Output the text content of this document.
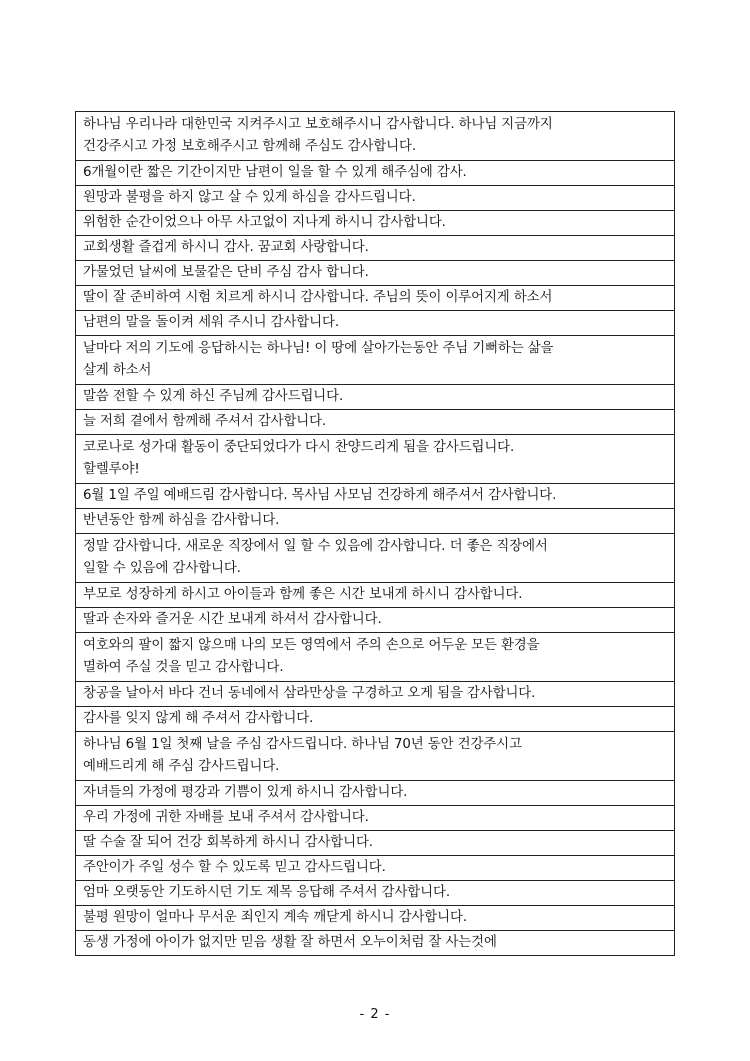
하나님 우리나라 대한민국 지켜주시고 보호해주시니 감사합니다. 하나님 지금까지
건강주시고 가정 보호해주시고 함께해 주심도 감사합니다.

6개월이란 짧은 기간이지만 남편이 일을 할 수 있게 해주심에 감사.

원망과 불평을 하지 않고 살 수 있게 하심을 감사드립니다.

위험한 순간이었으나 아무 사고없이 지나게 하시니 감사합니다.

교회생활 즐겁게 하시니 감사. 꿈교회 사랑합니다.

가물었던 날씨에 보물같은 단비 주심 감사 합니다.

딸이 잘 준비하여 시험 치르게 하시니 감사합니다. 주님의 뜻이 이루어지게 하소서

남편의 말을 돌이켜 세워 주시니 감사합니다.

날마다 저의 기도에 응답하시는 하나님! 이 땅에 살아가는동안 주님 기뻐하는 삶을
살게 하소서

말씀 전할 수 있게 하신 주님께 감사드립니다.

늘 저희 곁에서 함께해 주셔서 감사합니다.

코로나로 성가대 활동이 중단되었다가 다시 찬양드리게 됨을 감사드립니다.
할렐루야!

6월 1일 주일 예배드림 감사합니다. 목사님 사모님 건강하게 해주셔서 감사합니다.

반년동안 함께 하심을 감사합니다.

정말 감사합니다. 새로운 직장에서 일 할 수 있음에 감사합니다. 더 좋은 직장에서
일할 수 있음에 감사합니다.

부모로 성장하게 하시고 아이들과 함께 좋은 시간 보내게 하시니 감사합니다.

딸과 손자와 즐거운 시간 보내게 하셔서 감사합니다.

여호와의 팔이 짧지 않으매 나의 모든 영역에서 주의 손으로 어두운 모든 환경을
멸하여 주실 것을 믿고 감사합니다.

창공을 날아서 바다 건너 동네에서 삼라만상을 구경하고 오게 됨을 감사합니다.

감사를 잊지 않게 해 주셔서 감사합니다.

하나님 6월 1일 첫째 날을 주심 감사드립니다. 하나님 70년 동안 건강주시고
예배드리게 해 주심 감사드립니다.

자녀들의 가정에 평강과 기쁨이 있게 하시니 감사합니다.

우리 가정에 귀한 자배를 보내 주셔서 감사합니다.

딸 수술 잘 되어 건강 회복하게 하시니 감사합니다.

주안이가 주일 성수 할 수 있도록 믿고 감사드립니다.

엄마 오랫동안 기도하시던 기도 제목 응답해 주셔서 감사합니다.

불평 원망이 얼마나 무서운 죄인지 계속 깨닫게 하시니 감사합니다.

동생 가정에 아이가 없지만 믿음 생활 잘 하면서 오누이처럼 잘 사는것에
- 2 -
